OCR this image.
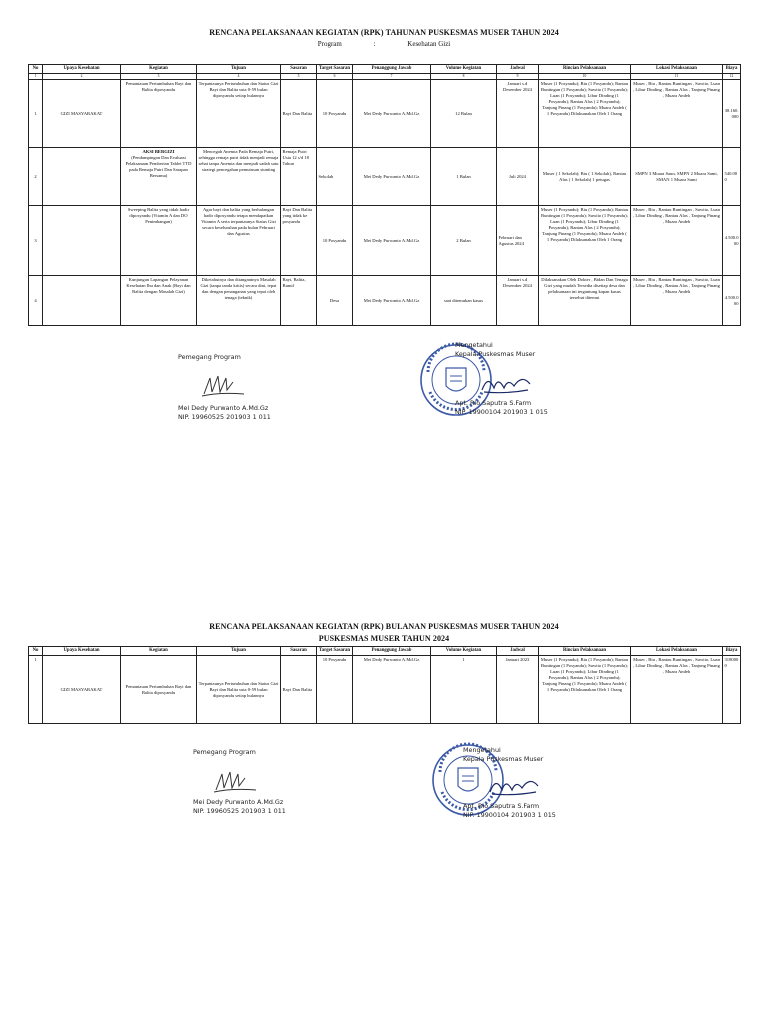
RENCANA PELAKSANAAN KEGIATAN (RPK) TAHUNAN PUSKESMAS MUSER TAHUN 2024
Program	:	Kesehatan Gizi
No	Upaya Kesehatan	Kegiatan	Tujuan	Sasaran	Target Sasaran	Penanggung Jawab	Volume Kegiatan	Jadwal	Rincian Pelaksanaan	Lokasi Pelaksanaan	Biaya
1	2	3	4	5	6	7	8	9	10	11	12
1	GIZI MASYARAKAT	Pemantauan Pertumbuhan Bayi dan Balita diposyandu	Terpantaunya Pertumbuhan dan Status Gizi Bayi dan Balita usia 0-59 bulan diposyandu setiap bulannya	Bayi Dan Balita	10 Posyandu	Mei Dedy Purwanto A.Md.Gz	12 Bulan	Januari s.d Desember 2024	Muser (1 Posyandu); Biu (1 Posyandu); Rantau Buntingan (1 Posyandu); Suwito (1 Posyandu); Luan (1 Posyandu); Libur Dinding (1 Posyandu); Rantau Alas ( 2 Posyandu); Tanjung Pinang (1 Posyandu); Muara Andeh ( 1 Posyandu) Dilaksanakan Oleh 1 Orang	Muser , Biu , Rantau Buntingan , Suwito, Luan , Libur Dinding , Rantau Alas , Tanjung Pinang , Muara Andeh	38.160.000
2		AKSI BERGIZI
(Pendampingan Dan Evaluasi Pelaksanaan Pemberian Tablet TTD pada Remaja Putri Dan Sarapan Bersama)	Mencegah Anemia Pada Remaja Putri, sehingga remaja putri tidak menjadi remaja sehat tanpa Anemia dan menjadi sadah satu strategi pencegahan pemutusan stunting	Remaja Putri Usia 12 s/d 18 Tahun	Sekolah	Mei Dedy Purwanto A.Md.Gz	1 Bulan	Juli 2024	Muser ( 1 Sekolah); Biu ( 1 Sekolah), Rantau Alas ( 1 Sekolah) 1 petugas	SMPN 3 Muara Saun, SMPN 2 Muara Sami, SMAN 1 Muara Sami	540.000
3		Sweeping Balita yang tidak hadir diposyandu (Vitamin A dan DO Penimbangan)	Agar bayi dan balita yang berhalangan hadir diposyandu tetapa mendapatkan Vitamin A serta terpantaunya Status Gizi secara keseluruhan pada bulan Februari dan Agustus	Bayi Dan Balita yang tidak ke posyandu	10 Posyandu	Mei Dedy Purwanto A.Md.Gz	2 Bulan	Februari dan Agustus 2024	Muser (1 Posyandu); Biu (1 Posyandu); Rantau Buntingan (1 Posyandu); Suwito (1 Posyandu); Luan (1 Posyandu); Libur Dinding (1 Posyandu); Rantau Alas ( 2 Posyandu); Tanjung Pinang (1 Posyandu); Muara Andeh ( 1 Posyandu) Dilaksanakan Oleh 1 Orang	Muser , Biu , Rantau Buntingan , Suwito, Luan , Libur Dinding , Rantau Alas , Tanjung Pinang , Muara Andeh	4.500.000
4		Kunjungan Lapangan Pelayanan Kesehatan Ibu dan Anak (Bayi dan Balita dengan Masalah Gizi)	Diketahuinya dan ditanganinya Masalah Gizi (tanpa tanda kritis) secara dini, tepat dan dengan penanganan yang tepat oleh tenaga (teknik)	Bayi, Balita, Bumil	Desa	Mei Dedy Purwanto A.Md.Gz	saat ditemukan kasus	Januari s.d Desember 2024	Dilaksanakan Oleh Dokter , Bidan Dan Tenaga Gizi yang mudah Tersedia disetiap desa dan pelaksanaan ini tergantung kapan kasus tersebut ditemui	Muser , Biu , Rantau Buntingan , Suwito, Luan , Libur Dinding , Rantau Alas , Tanjung Pinang , Muara Andeh	4.500.000
Pemegang Program
Mei Dedy Purwanto A.Md.Gz
NIP. 19960525 201903 1 011
Mengetahui
Kepala Puskesmas Muser
Apt. Rio Saputra S.Farm
NIP. 19900104 201903 1 015
RENCANA PELAKSANAAN KEGIATAN (RPK) BULANAN PUSKESMAS MUSER TAHUN 2024
PUSKESMAS MUSER TAHUN 2024
No	Upaya Kesehatan	Kegiatan	Tujuan	Sasaran	Target Sasaran	Penanggung Jawab	Volume Kegiatan	Jadwal	Rincian Pelaksanaan	Lokasi Pelaksanaan	Biaya
1	GIZI MASYARAKAT	Pemantauan Pertumbuhan Bayi dan Balita diposyandu	Terpantaunya Pertumbuhan dan Status Gizi Bayi dan Balita usia 0-59 bulan diposyandu setiap bulannya	Bayi Dan Balita	10 Posyandu	Mei Dedy Purwanto A.Md.Gz	1	Januari 2023	Muser (1 Posyandu); Biu (1 Posyandu); Rantau Buntingan (1 Posyandu); Suwito (1 Posyandu); Luan (1 Posyandu); Libur Dinding (1 Posyandu); Rantau Alas ( 2 Posyandu); Tanjung Pinang (1 Posyandu); Muara Andeh ( 1 Posyandu) Dilaksanakan Oleh 1 Orang	Muser , Biu , Rantau Buntingan , Suwito, Luan , Libur Dinding , Rantau Alas , Tanjung Pinang , Muara Andeh	3180000
Pemegang Program
Mei Dedy Purwanto A.Md.Gz
NIP. 19960525 201903 1 011
Mengetahui
Kepala Puskesmas Muser
Apt. Rio Saputra S.Farm
NIP. 19900104 201903 1 015
